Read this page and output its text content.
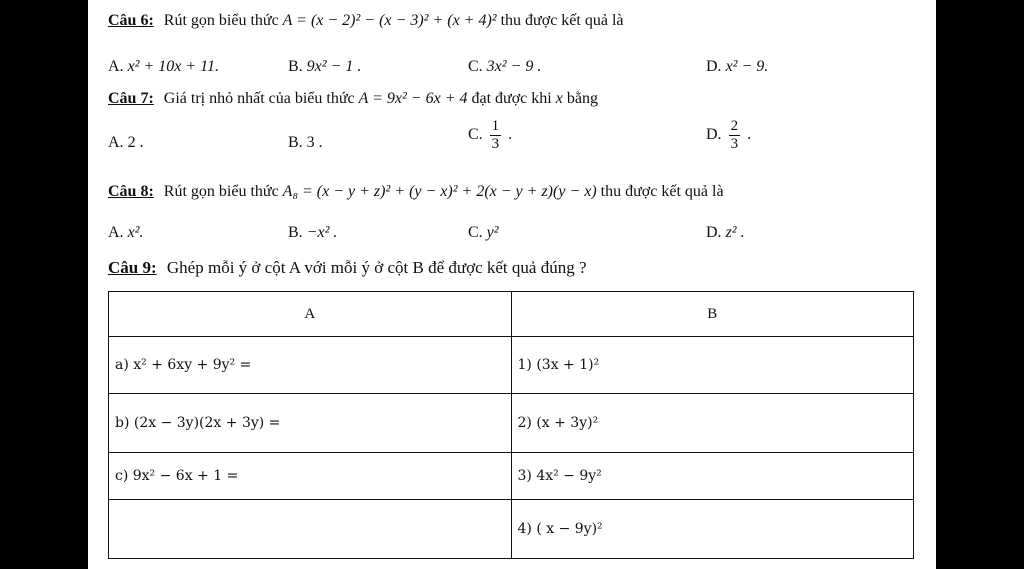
Câu 6: Rút gọn biểu thức A = (x − 2)² − (x − 3)² + (x + 4)² thu được kết quả là
A. x² + 10x + 11.	B. 9x² − 1 .	C. 3x² − 9 .	D. x² − 9.
Câu 7: Giá trị nhỏ nhất của biểu thức A = 9x² − 6x + 4 đạt được khi x bằng
A. 2 .	B. 3 .	C. $\frac{1}{3}$ .	D. $\frac{2}{3}$ .
Câu 8: Rút gọn biểu thức A₈ = (x − y + z)² + (y − x)² + 2(x − y + z)(y − x) thu được kết quả là
A. x².	B. −x² .	C. y²	D. z² .
Câu 9: Ghép mỗi ý ở cột A với mỗi ý ở cột B để được kết quả đúng ?
A	B
a) x² + 6xy + 9y² =	1) (3x + 1)²
b) (2x − 3y)(2x + 3y) =	2) (x + 3y)²
c) 9x² − 6x + 1 =	3) 4x² − 9y²
	4) ( x − 9y)²
